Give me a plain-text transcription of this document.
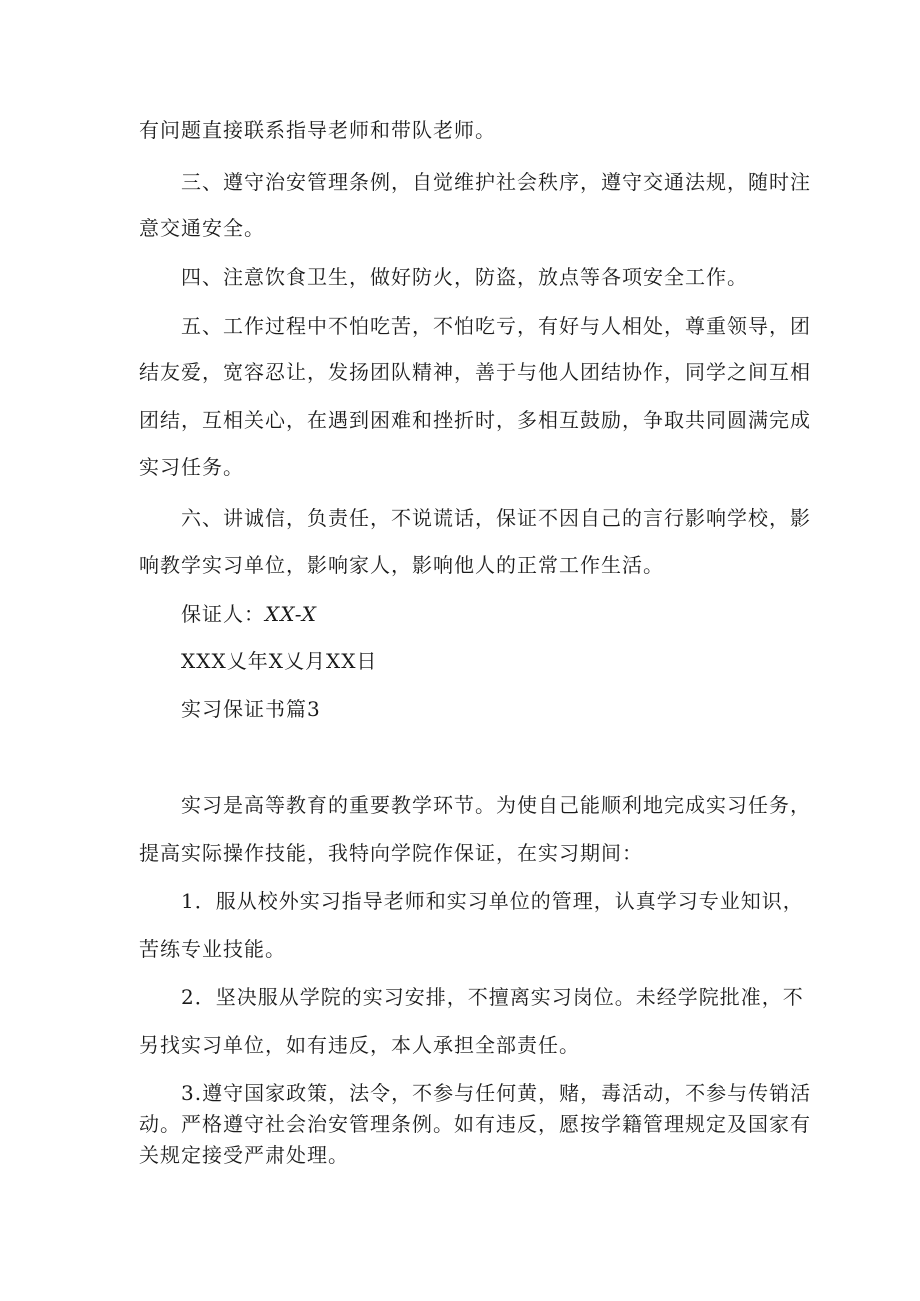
有问题直接联系指导老师和带队老师。
三、遵守治安管理条例，自觉维护社会秩序，遵守交通法规，随时注
意交通安全。
四、注意饮食卫生，做好防火，防盗，放点等各项安全工作。
五、工作过程中不怕吃苦，不怕吃亏，有好与人相处，尊重领导，团
结友爱，宽容忍让，发扬团队精神，善于与他人团结协作，同学之间互相
团结，互相关心，在遇到困难和挫折时，多相互鼓励，争取共同圆满完成
实习任务。
六、讲诚信，负责任，不说谎话，保证不因自己的言行影响学校，影
响教学实习单位，影响家人，影响他人的正常工作生活。
保证人：XX-X
XXX乂年X乂月XX日
实习保证书篇3
实习是高等教育的重要教学环节。为使自己能顺利地完成实习任务，
提高实际操作技能，我特向学院作保证，在实习期间：
1．服从校外实习指导老师和实习单位的管理，认真学习专业知识，
苦练专业技能。
2．坚决服从学院的实习安排，不擅离实习岗位。未经学院批准，不
另找实习单位，如有违反，本人承担全部责任。
3.遵守国家政策，法令，不参与任何黄，赌，毒活动，不参与传销活
动。严格遵守社会治安管理条例。如有违反，愿按学籍管理规定及国家有
关规定接受严肃处理。
